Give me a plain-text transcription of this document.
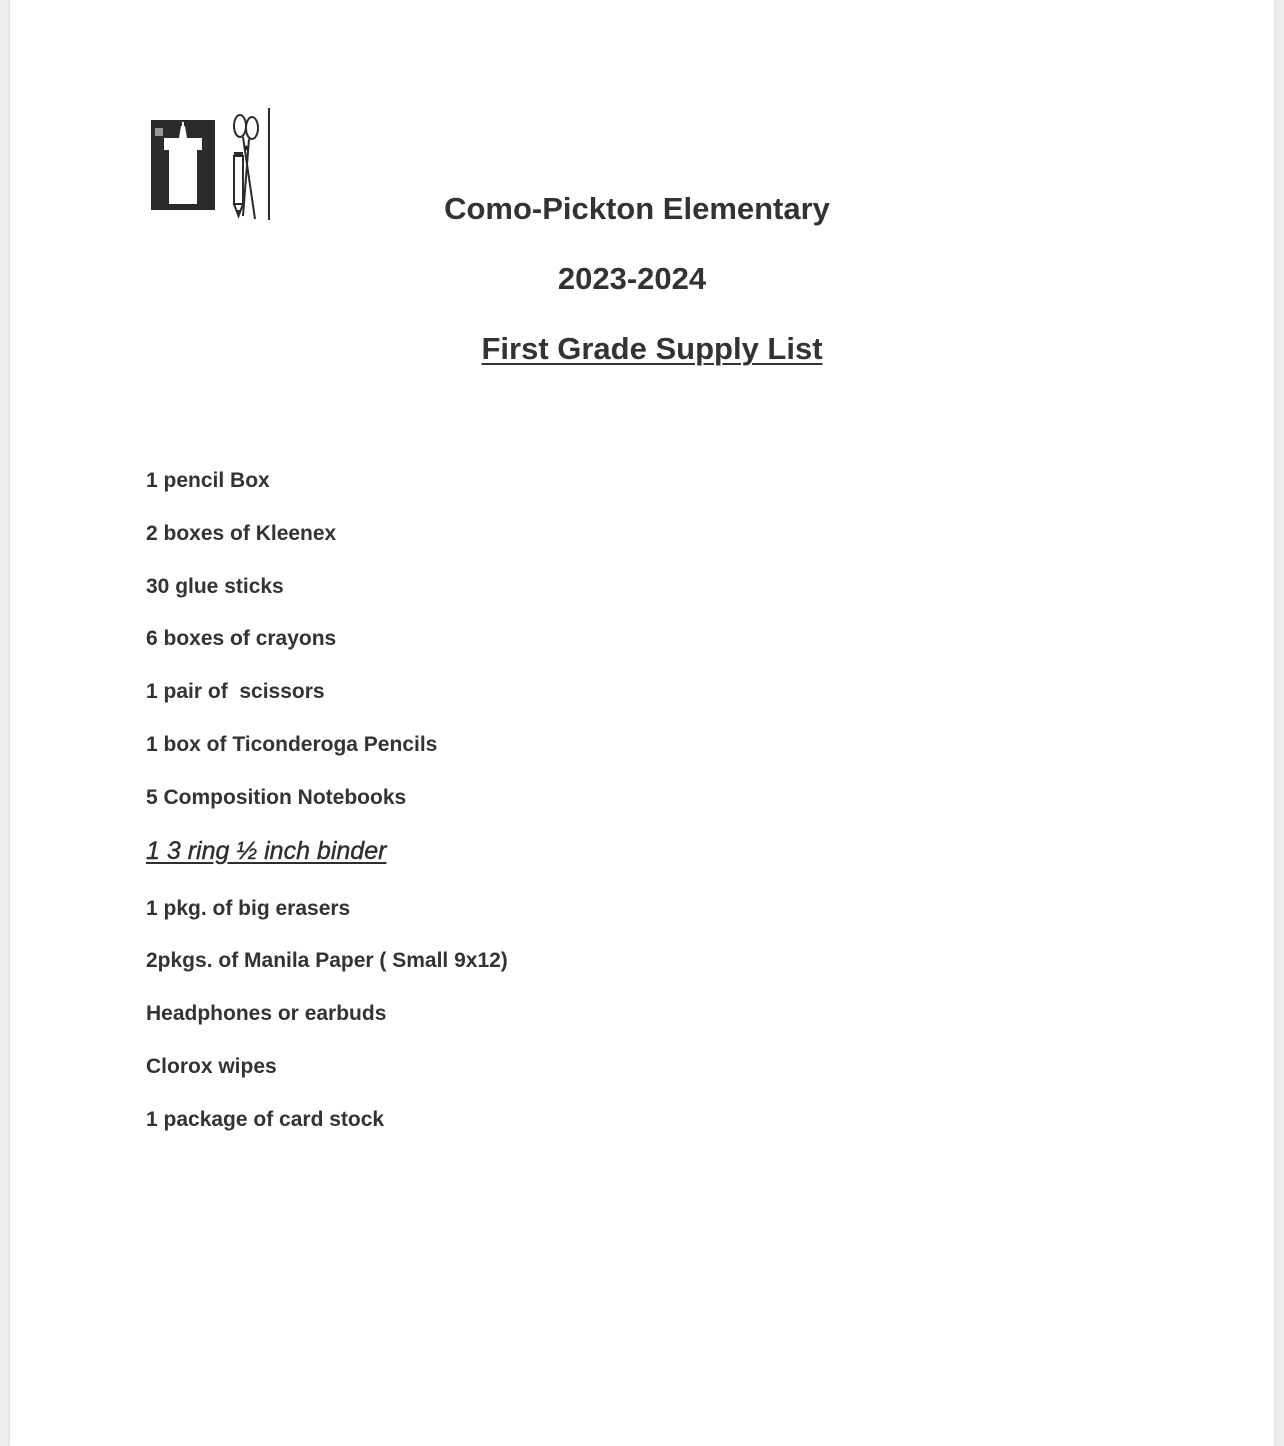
Como-Pickton Elementary

2023-2024

First Grade Supply List

1 pencil Box
2 boxes of Kleenex
30 glue sticks
6 boxes of crayons
1 pair of  scissors
1 box of Ticonderoga Pencils
5 Composition Notebooks
1 3 ring ½ inch binder
1 pkg. of big erasers
2pkgs. of Manila Paper ( Small 9x12)
Headphones or earbuds
Clorox wipes
1 package of card stock
